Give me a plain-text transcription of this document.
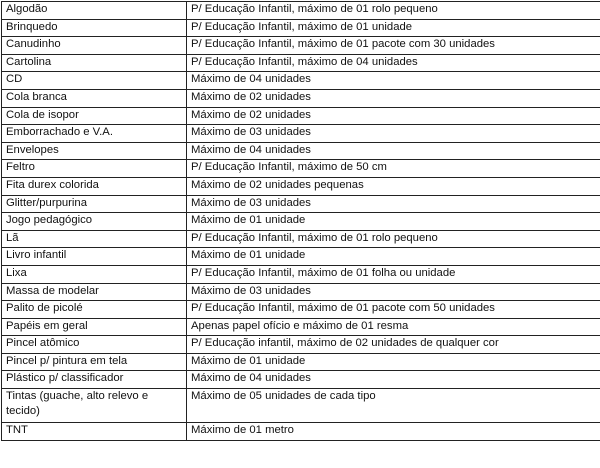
Algodão	P/ Educação Infantil, máximo de 01 rolo pequeno
Brinquedo	P/ Educação Infantil, máximo de 01 unidade
Canudinho	P/ Educação Infantil, máximo de 01 pacote com 30 unidades
Cartolina	P/ Educação Infantil, máximo de 04 unidades
CD	Máximo de 04 unidades
Cola branca	Máximo de 02 unidades
Cola de isopor	Máximo de 02 unidades
Emborrachado e V.A.	Máximo de 03 unidades
Envelopes	Máximo de 04 unidades
Feltro	P/ Educação Infantil, máximo de 50 cm
Fita durex colorida	Máximo de 02 unidades pequenas
Glitter/purpurina	Máximo de 03 unidades
Jogo pedagógico	Máximo de 01 unidade
Lã	P/ Educação Infantil, máximo de 01 rolo pequeno
Livro infantil	Máximo de 01 unidade
Lixa	P/ Educação Infantil, máximo de 01 folha ou unidade
Massa de modelar	Máximo de 03 unidades
Palito de picolé	P/ Educação Infantil, máximo de 01 pacote com 50 unidades
Papéis em geral	Apenas papel ofício e máximo de 01 resma
Pincel atômico	P/ Educação infantil, máximo de 02 unidades de qualquer cor
Pincel p/ pintura em tela	Máximo de 01 unidade
Plástico p/ classificador	Máximo de 04 unidades
Tintas (guache, alto relevo e tecido)	Máximo de 05 unidades de cada tipo
TNT	Máximo de 01 metro
